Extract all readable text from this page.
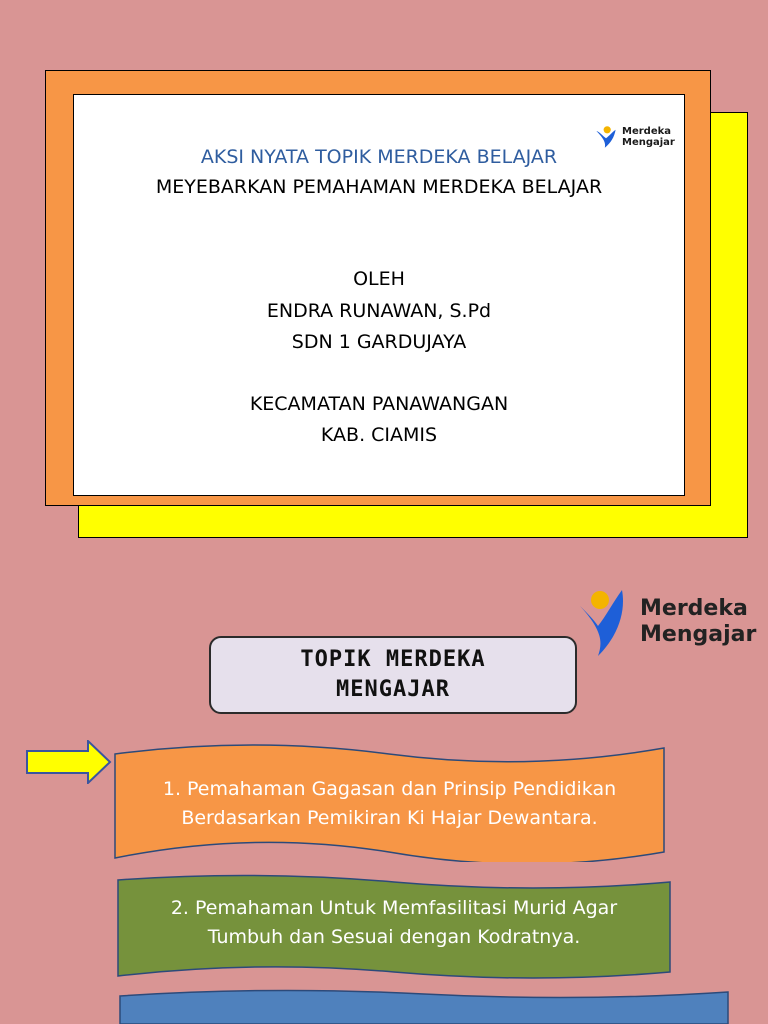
Merdeka
Mengajar
AKSI NYATA TOPIK MERDEKA BELAJAR
MEYEBARKAN PEMAHAMAN MERDEKA BELAJAR
OLEH
ENDRA RUNAWAN, S.Pd
SDN 1 GARDUJAYA
KECAMATAN PANAWANGAN
KAB. CIAMIS
Merdeka
Mengajar
TOPIK MERDEKA
MENGAJAR
1. Pemahaman Gagasan dan Prinsip Pendidikan
Berdasarkan Pemikiran Ki Hajar Dewantara.
2. Pemahaman Untuk Memfasilitasi Murid Agar
Tumbuh dan Sesuai dengan Kodratnya.
